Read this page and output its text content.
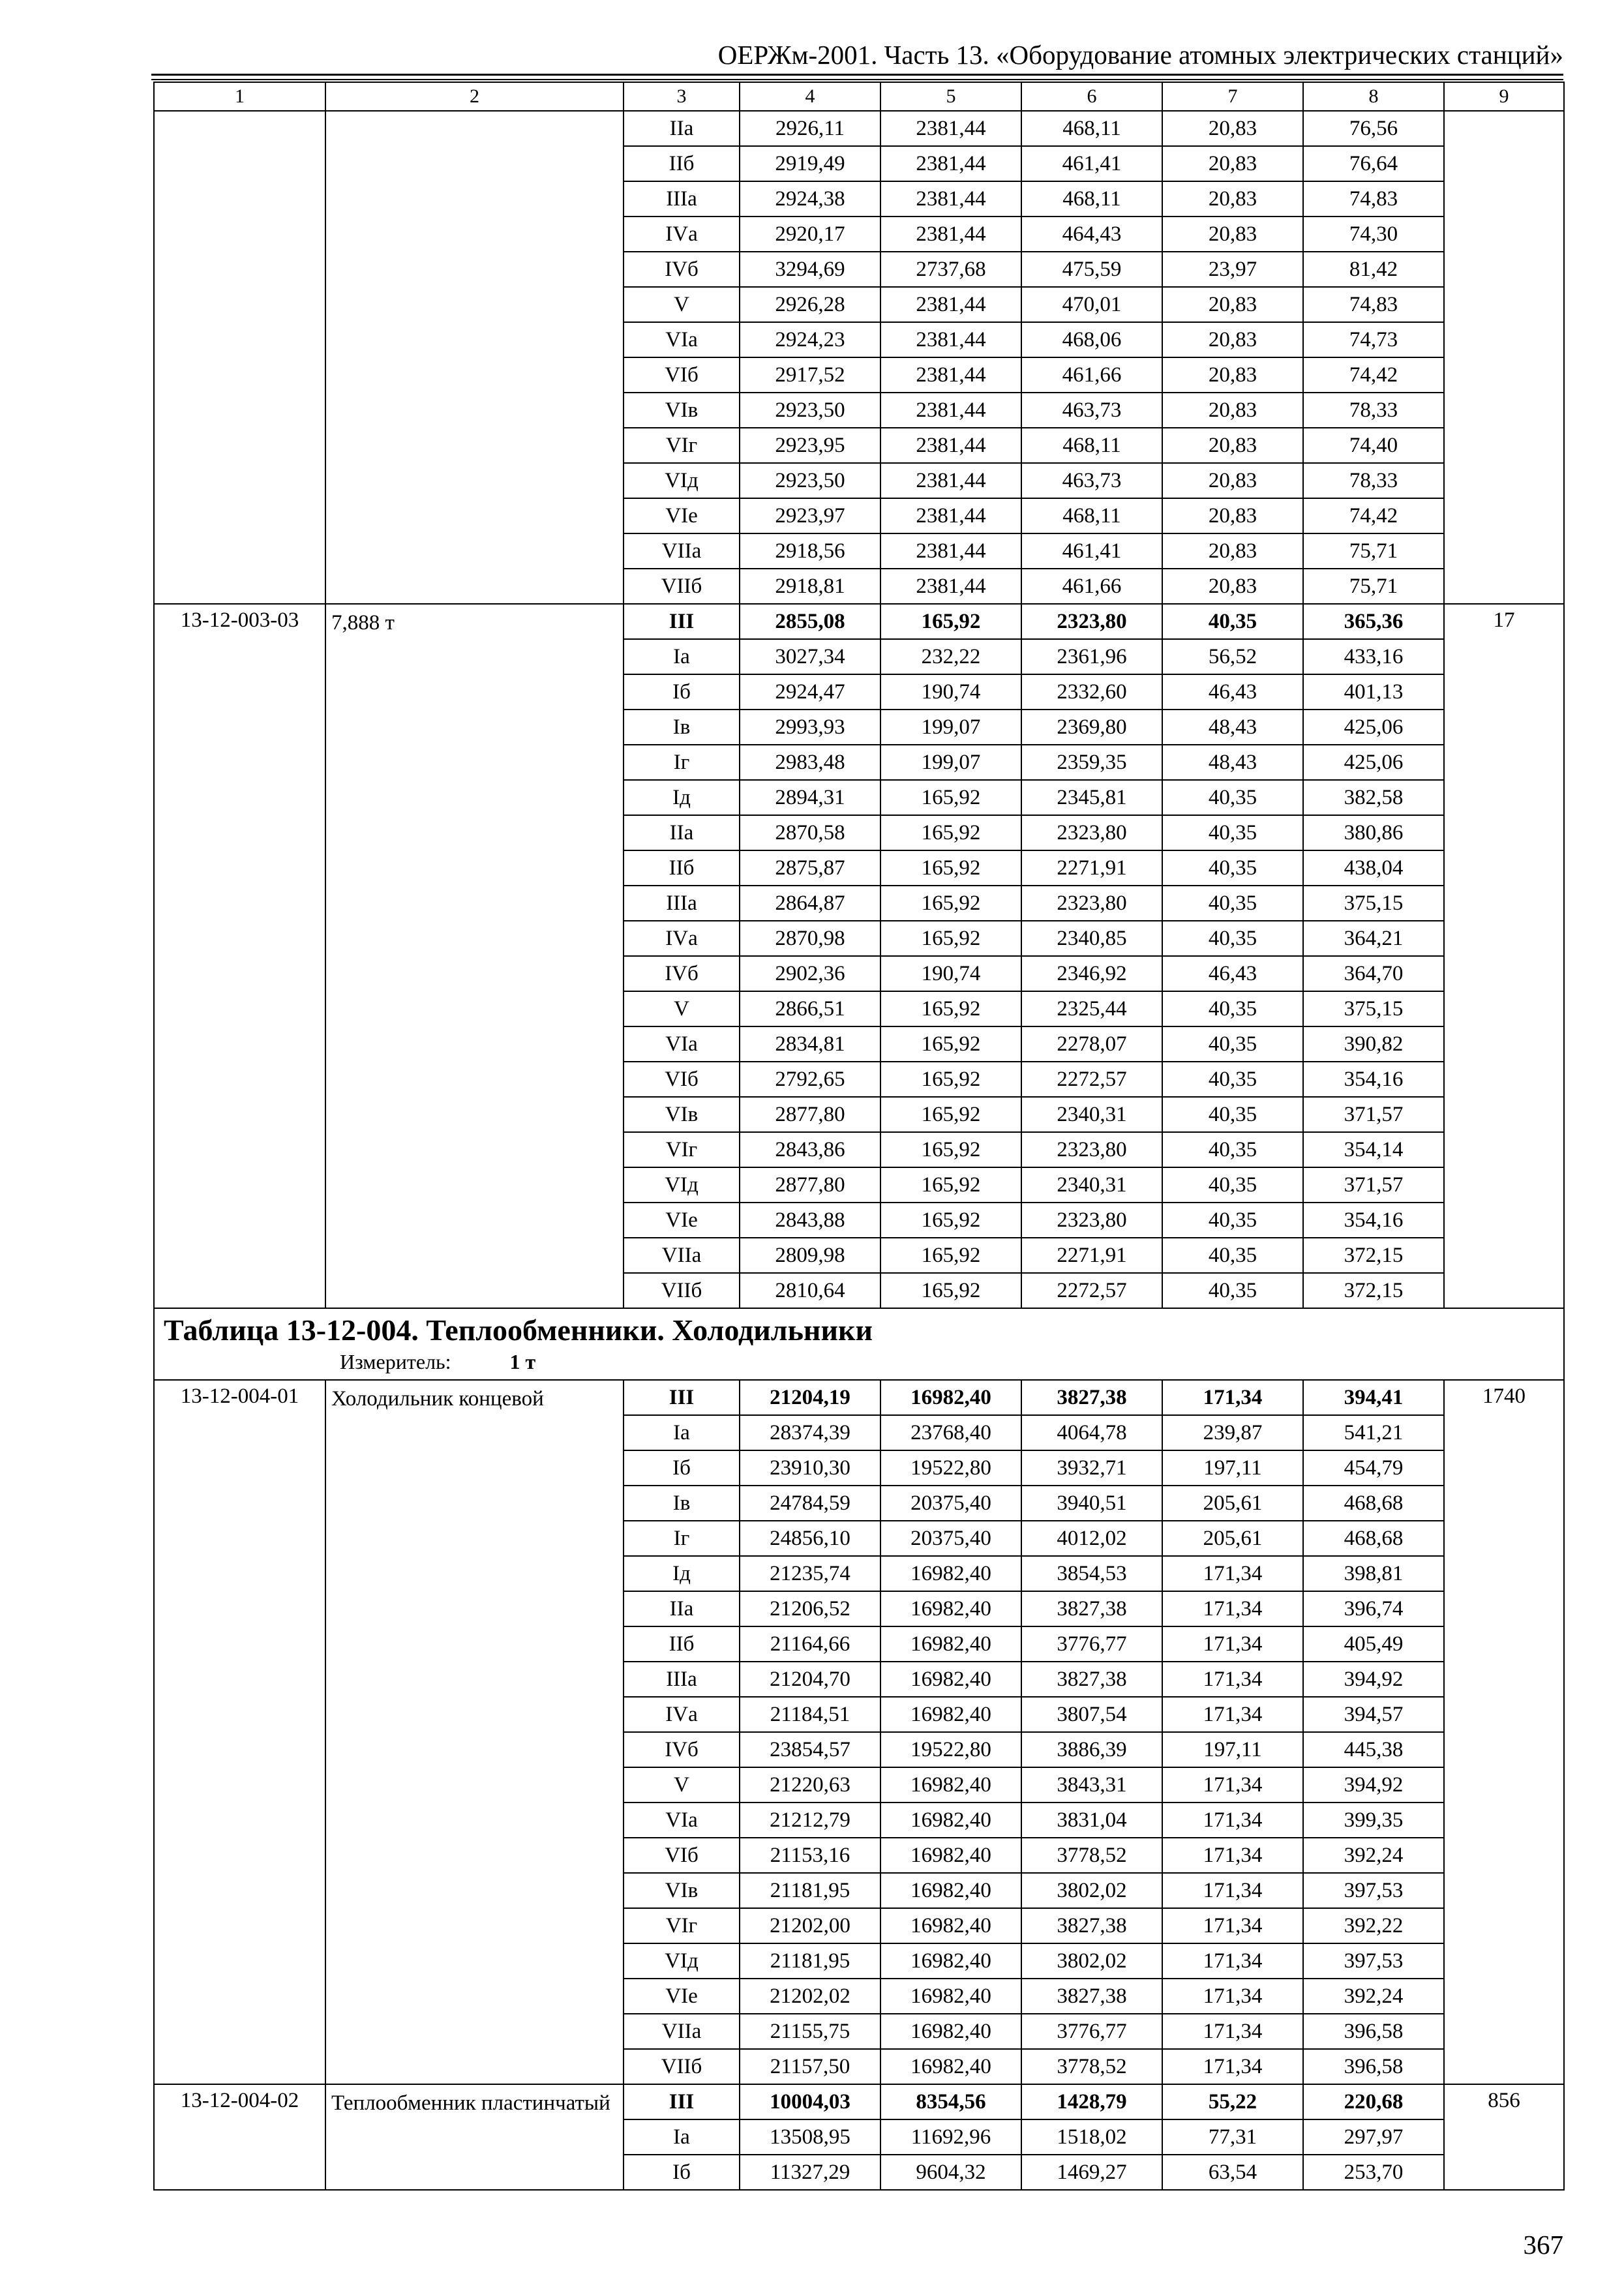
ОЕРЖм-2001. Часть 13. «Оборудование атомных электрических станций»
1	2	3	4	5	6	7	8	9
		IIа	2926,11	2381,44	468,11	20,83	76,56	
		IIб	2919,49	2381,44	461,41	20,83	76,64	
		IIIа	2924,38	2381,44	468,11	20,83	74,83	
		IVа	2920,17	2381,44	464,43	20,83	74,30	
		IVб	3294,69	2737,68	475,59	23,97	81,42	
		V	2926,28	2381,44	470,01	20,83	74,83	
		VIа	2924,23	2381,44	468,06	20,83	74,73	
		VIб	2917,52	2381,44	461,66	20,83	74,42	
		VIв	2923,50	2381,44	463,73	20,83	78,33	
		VIг	2923,95	2381,44	468,11	20,83	74,40	
		VIд	2923,50	2381,44	463,73	20,83	78,33	
		VIе	2923,97	2381,44	468,11	20,83	74,42	
		VIIа	2918,56	2381,44	461,41	20,83	75,71	
		VIIб	2918,81	2381,44	461,66	20,83	75,71	
13-12-003-03	7,888 т	III	2855,08	165,92	2323,80	40,35	365,36	17
		Iа	3027,34	232,22	2361,96	56,52	433,16	
		Iб	2924,47	190,74	2332,60	46,43	401,13	
		Iв	2993,93	199,07	2369,80	48,43	425,06	
		Iг	2983,48	199,07	2359,35	48,43	425,06	
		Iд	2894,31	165,92	2345,81	40,35	382,58	
		IIа	2870,58	165,92	2323,80	40,35	380,86	
		IIб	2875,87	165,92	2271,91	40,35	438,04	
		IIIа	2864,87	165,92	2323,80	40,35	375,15	
		IVа	2870,98	165,92	2340,85	40,35	364,21	
		IVб	2902,36	190,74	2346,92	46,43	364,70	
		V	2866,51	165,92	2325,44	40,35	375,15	
		VIа	2834,81	165,92	2278,07	40,35	390,82	
		VIб	2792,65	165,92	2272,57	40,35	354,16	
		VIв	2877,80	165,92	2340,31	40,35	371,57	
		VIг	2843,86	165,92	2323,80	40,35	354,14	
		VIд	2877,80	165,92	2340,31	40,35	371,57	
		VIе	2843,88	165,92	2323,80	40,35	354,16	
		VIIа	2809,98	165,92	2271,91	40,35	372,15	
		VIIб	2810,64	165,92	2272,57	40,35	372,15	

Таблица 13-12-004. Теплообменники. Холодильники
Измеритель: 1 т								

13-12-004-01	Холодильник концевой	III	21204,19	16982,40	3827,38	171,34	394,41	1740
		Iа	28374,39	23768,40	4064,78	239,87	541,21	
		Iб	23910,30	19522,80	3932,71	197,11	454,79	
		Iв	24784,59	20375,40	3940,51	205,61	468,68	
		Iг	24856,10	20375,40	4012,02	205,61	468,68	
		Iд	21235,74	16982,40	3854,53	171,34	398,81	
		IIа	21206,52	16982,40	3827,38	171,34	396,74	
		IIб	21164,66	16982,40	3776,77	171,34	405,49	
		IIIа	21204,70	16982,40	3827,38	171,34	394,92	
		IVа	21184,51	16982,40	3807,54	171,34	394,57	
		IVб	23854,57	19522,80	3886,39	197,11	445,38	
		V	21220,63	16982,40	3843,31	171,34	394,92	
		VIа	21212,79	16982,40	3831,04	171,34	399,35	
		VIб	21153,16	16982,40	3778,52	171,34	392,24	
		VIв	21181,95	16982,40	3802,02	171,34	397,53	
		VIг	21202,00	16982,40	3827,38	171,34	392,22	
		VIд	21181,95	16982,40	3802,02	171,34	397,53	
		VIе	21202,02	16982,40	3827,38	171,34	392,24	
		VIIа	21155,75	16982,40	3776,77	171,34	396,58	
		VIIб	21157,50	16982,40	3778,52	171,34	396,58	
13-12-004-02	Теплообменник пластинчатый	III	10004,03	8354,56	1428,79	55,22	220,68	856
		Iа	13508,95	11692,96	1518,02	77,31	297,97	
		Iб	11327,29	9604,32	1469,27	63,54	253,70	
367
